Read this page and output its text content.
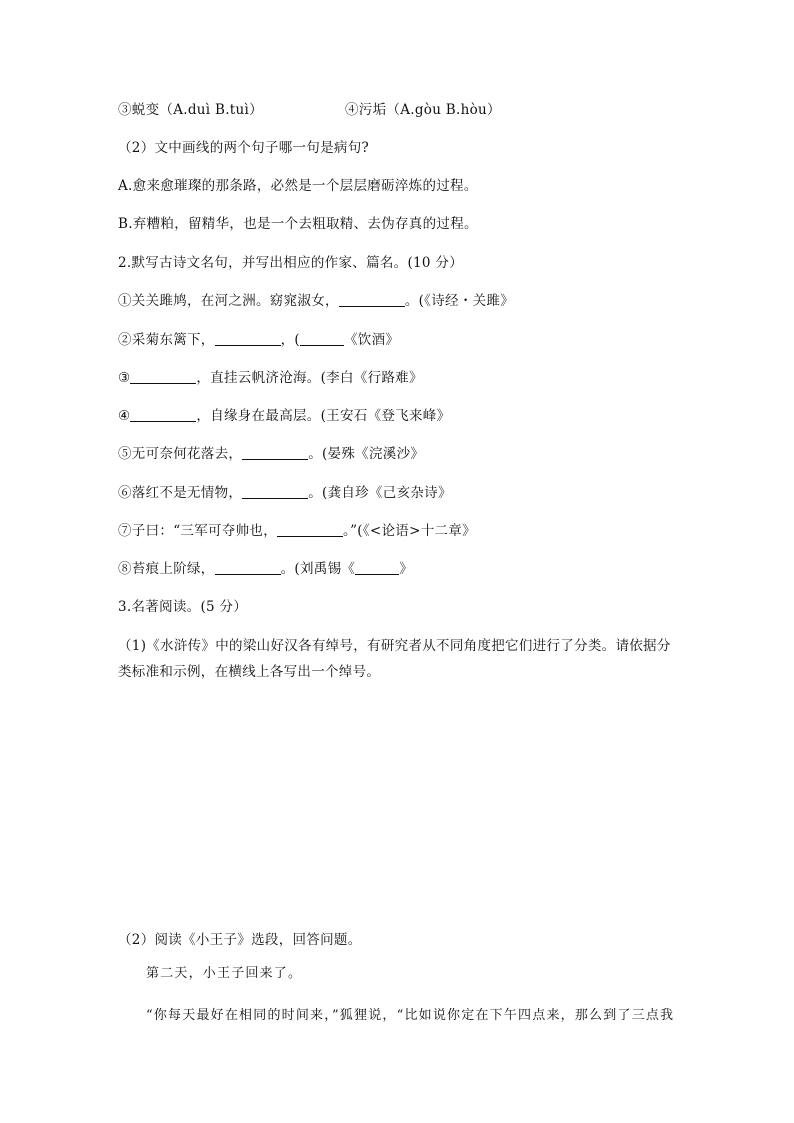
③蜕变（A.duì B.tuì）	④污垢（A.gòu B.hòu）
（2）文中画线的两个句子哪一句是病句?
A.愈来愈璀璨的那条路，必然是一个层层磨砺淬炼的过程。
B.弃糟粕，留精华，也是一个去粗取精、去伪存真的过程。
2.默写古诗文名句，并写出相应的作家、篇名。(10 分）
①关关雎鸠，在河之洲。窈窕淑女，	。(《诗经・关雎》
②采菊东篱下，	，(	《饮酒》
③	，直挂云帆济沧海。(李白《行路难》
④	，自缘身在最高层。(王安石《登飞来峰》
⑤无可奈何花落去，	。(晏殊《浣溪沙》
⑥落红不是无情物，	。(龚自珍《己亥杂诗》
⑦子曰：“三军可夺帅也，	。”(《<论语>十二章》
⑧苔痕上阶绿，	。(刘禹锡《	》
3.名著阅读。(5 分）
（1)《水浒传》中的梁山好汉各有绰号，有研究者从不同角度把它们进行了分类。请依据分类标准和示例，在横线上各写出一个绰号。
（2）阅读《小王子》选段，回答问题。
第二天，小王子回来了。
“你每天最好在相同的时间来，”狐狸说，“比如说你定在下午四点来，那么到了三点我
